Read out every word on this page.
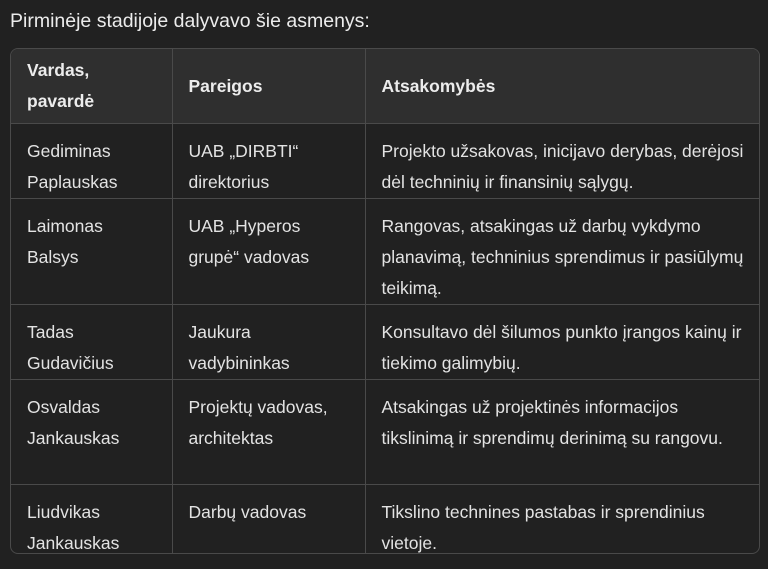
Pirminėje stadijoje dalyvavo šie asmenys:
Vardas, pavardė	Pareigos	Atsakomybės
Gediminas Paplauskas	UAB „DIRBTI“ direktorius	Projekto užsakovas, inicijavo derybas, derėjosi dėl techninių ir finansinių sąlygų.
Laimonas Balsys	UAB „Hyperos grupė“ vadovas	Rangovas, atsakingas už darbų vykdymo planavimą, techninius sprendimus ir pasiūlymų teikimą.
Tadas Gudavičius	Jaukura vadybininkas	Konsultavo dėl šilumos punkto įrangos kainų ir tiekimo galimybių.
Osvaldas Jankauskas	Projektų vadovas, architektas	Atsakingas už projektinės informacijos tikslinimą ir sprendimų derinimą su rangovu.
Liudvikas Jankauskas	Darbų vadovas	Tikslino technines pastabas ir sprendinius vietoje.
